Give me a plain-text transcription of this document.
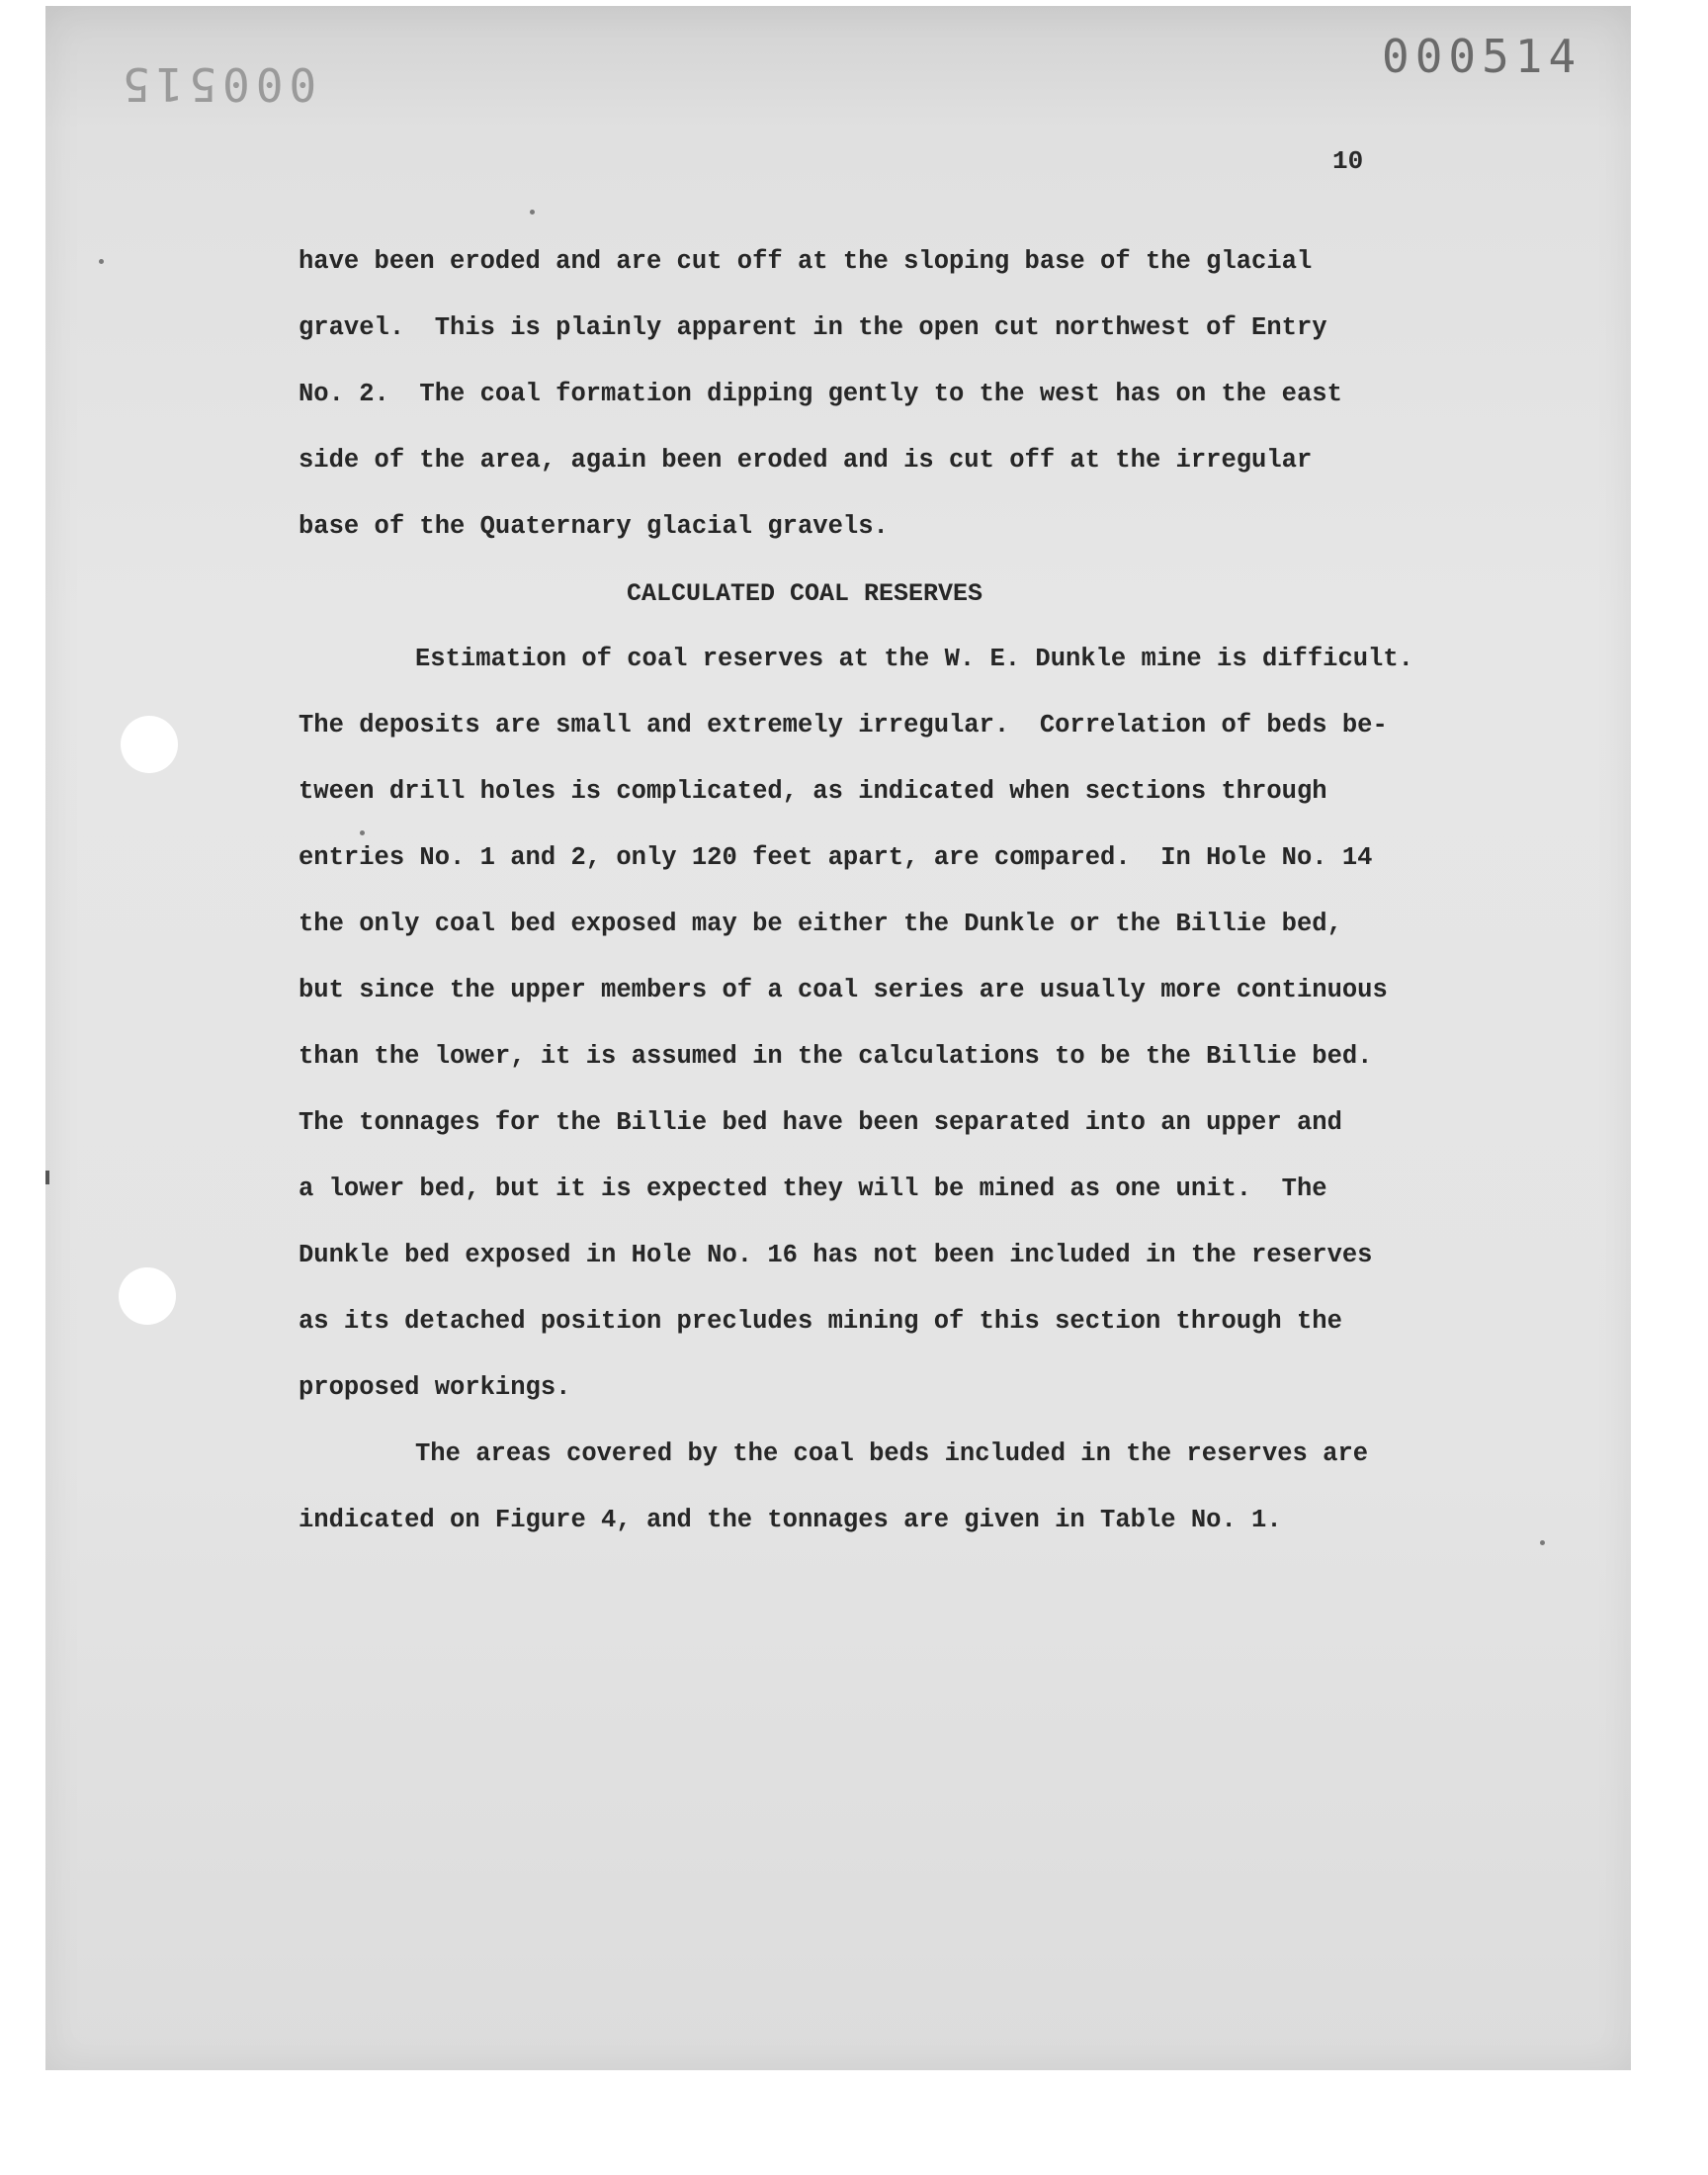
000514
000515
10
have been eroded and are cut off at the sloping base of the glacial
gravel.  This is plainly apparent in the open cut northwest of Entry
No. 2.  The coal formation dipping gently to the west has on the east
side of the area, again been eroded and is cut off at the irregular
base of the Quaternary glacial gravels.
CALCULATED COAL RESERVES
Estimation of coal reserves at the W. E. Dunkle mine is difficult.
The deposits are small and extremely irregular.  Correlation of beds be-
tween drill holes is complicated, as indicated when sections through
entries No. 1 and 2, only 120 feet apart, are compared.  In Hole No. 14
the only coal bed exposed may be either the Dunkle or the Billie bed,
but since the upper members of a coal series are usually more continuous
than the lower, it is assumed in the calculations to be the Billie bed.
The tonnages for the Billie bed have been separated into an upper and
a lower bed, but it is expected they will be mined as one unit.  The
Dunkle bed exposed in Hole No. 16 has not been included in the reserves
as its detached position precludes mining of this section through the
proposed workings.
The areas covered by the coal beds included in the reserves are
indicated on Figure 4, and the tonnages are given in Table No. 1.
